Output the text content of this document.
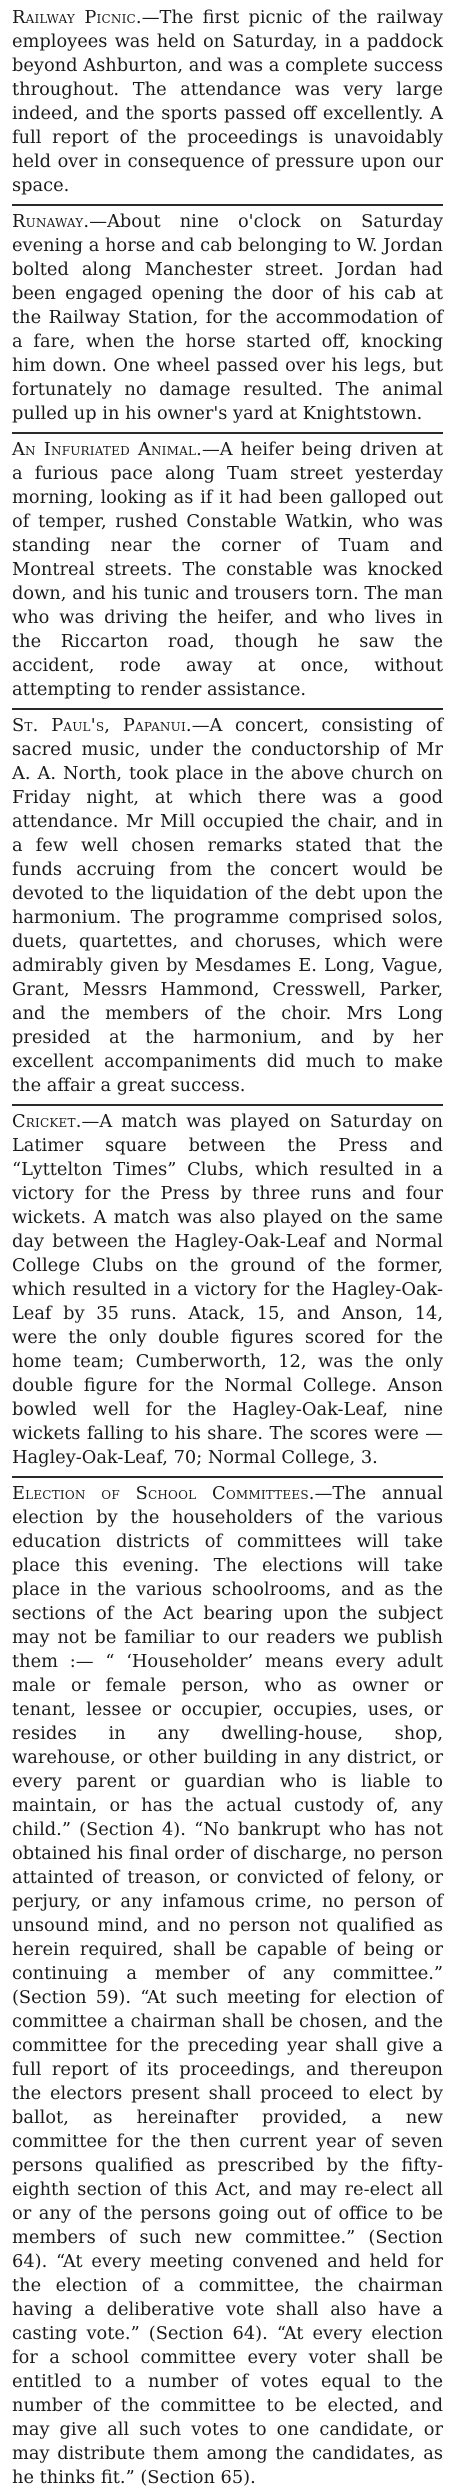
Railway Picnic.—The first picnic of the railway employees was held on Saturday, in a paddock beyond Ashburton, and was a complete success throughout. The attendance was very large indeed, and the sports passed off excellently. A full report of the proceedings is unavoidably held over in consequence of pressure upon our space.

Runaway.—About nine o'clock on Saturday evening a horse and cab belonging to W. Jordan bolted along Manchester street. Jordan had been engaged opening the door of his cab at the Railway Station, for the accommodation of a fare, when the horse started off, knocking him down. One wheel passed over his legs, but fortunately no damage resulted. The animal pulled up in his owner's yard at Knightstown.

An Infuriated Animal.—A heifer being driven at a furious pace along Tuam street yesterday morning, looking as if it had been galloped out of temper, rushed Constable Watkin, who was standing near the corner of Tuam and Montreal streets. The constable was knocked down, and his tunic and trousers torn. The man who was driving the heifer, and who lives in the Riccarton road, though he saw the accident, rode away at once, without attempting to render assistance.

St. Paul's, Papanui.—A concert, consisting of sacred music, under the conductorship of Mr A. A. North, took place in the above church on Friday night, at which there was a good attendance. Mr Mill occupied the chair, and in a few well chosen remarks stated that the funds accruing from the concert would be devoted to the liquidation of the debt upon the harmonium. The programme comprised solos, duets, quartettes, and choruses, which were admirably given by Mesdames E. Long, Vague, Grant, Messrs Hammond, Cresswell, Parker, and the members of the choir. Mrs Long presided at the harmonium, and by her excellent accompaniments did much to make the affair a great success.

Cricket.—A match was played on Saturday on Latimer square between the Press and “Lyttelton Times” Clubs, which resulted in a victory for the Press by three runs and four wickets. A match was also played on the same day between the Hagley-Oak-Leaf and Normal College Clubs on the ground of the former, which resulted in a victory for the Hagley-Oak-Leaf by 35 runs. Atack, 15, and Anson, 14, were the only double figures scored for the home team; Cumberworth, 12, was the only double figure for the Normal College. Anson bowled well for the Hagley-Oak-Leaf, nine wickets falling to his share. The scores were — Hagley-Oak-Leaf, 70; Normal College, 3.

Election of School Committees.—The annual election by the householders of the various education districts of committees will take place this evening. The elections will take place in the various schoolrooms, and as the sections of the Act bearing upon the subject may not be familiar to our readers we publish them :— “ ‘Householder’ means every adult male or female person, who as owner or tenant, lessee or occupier, occupies, uses, or resides in any dwelling-house, shop, warehouse, or other building in any district, or every parent or guardian who is liable to maintain, or has the actual custody of, any child.” (Section 4). “No bankrupt who has not obtained his final order of discharge, no person attainted of treason, or convicted of felony, or perjury, or any infamous crime, no person of unsound mind, and no person not qualified as herein required, shall be capable of being or continuing a member of any committee.” (Section 59). “At such meeting for election of committee a chairman shall be chosen, and the committee for the preceding year shall give a full report of its proceedings, and thereupon the electors present shall proceed to elect by ballot, as hereinafter provided, a new committee for the then current year of seven persons qualified as prescribed by the fifty-eighth section of this Act, and may re-elect all or any of the persons going out of office to be members of such new committee.” (Section 64). “At every meeting convened and held for the election of a committee, the chairman having a deliberative vote shall also have a casting vote.” (Section 64). “At every election for a school committee every voter shall be entitled to a number of votes equal to the number of the committee to be elected, and may give all such votes to one candidate, or may distribute them among the candidates, as he thinks fit.” (Section 65).
